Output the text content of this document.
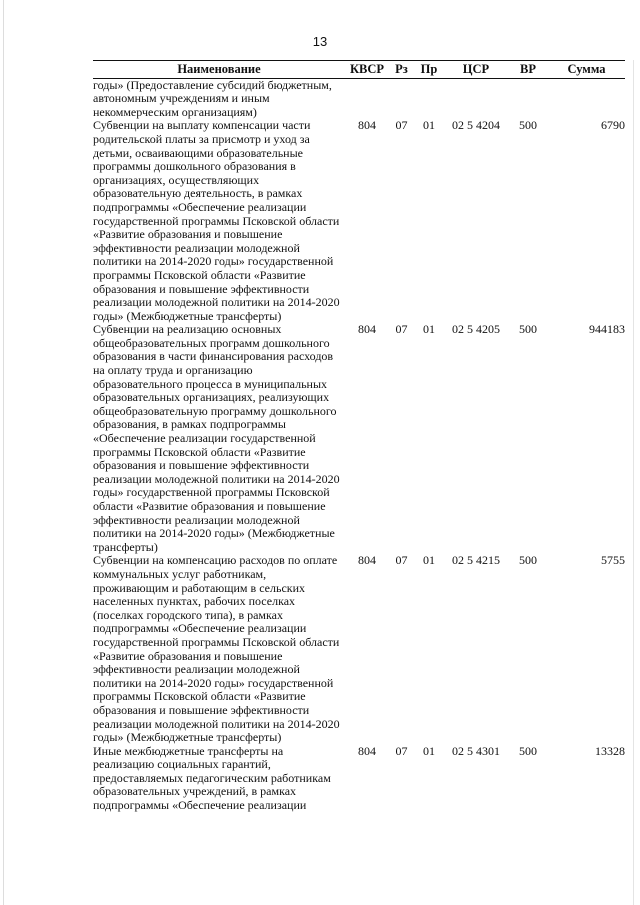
13
Наименование	КВСР	Рз	Пр	ЦСР	ВР	Сумма
годы» (Предоставление субсидий бюджетным, автономным учреждениям и иным некоммерческим организациям)						
Субвенции на выплату компенсации части родительской платы за присмотр и уход за детьми, осваивающими образовательные программы дошкольного образования в организациях, осуществляющих образовательную деятельность, в рамках подпрограммы «Обеспечение реализации государственной программы Псковской области «Развитие образования и повышение эффективности реализации молодежной политики на 2014-2020 годы» государственной программы Псковской области «Развитие образования и повышение эффективности реализации молодежной политики на 2014-2020 годы» (Межбюджетные трансферты)	804	07	01	02 5 4204	500	6790
Субвенции на реализацию основных общеобразовательных программ дошкольного образования в части финансирования расходов на оплату труда и организацию образовательного процесса в муниципальных образовательных организациях, реализующих общеобразовательную программу дошкольного образования, в рамках подпрограммы «Обеспечение реализации государственной программы Псковской области «Развитие образования и повышение эффективности реализации молодежной политики на 2014-2020 годы» государственной программы Псковской области «Развитие образования и повышение эффективности реализации молодежной политики на 2014-2020 годы» (Межбюджетные трансферты)	804	07	01	02 5 4205	500	944183
Субвенции на компенсацию расходов по оплате коммунальных услуг работникам, проживающим и работающим в сельских населенных пунктах, рабочих поселках (поселках городского типа), в рамках подпрограммы «Обеспечение реализации государственной программы Псковской области «Развитие образования и повышение эффективности реализации молодежной политики на 2014-2020 годы» государственной программы Псковской области «Развитие образования и повышение эффективности реализации молодежной политики на 2014-2020 годы» (Межбюджетные трансферты)	804	07	01	02 5 4215	500	5755
Иные межбюджетные трансферты на реализацию социальных гарантий, предоставляемых педагогическим работникам образовательных учреждений, в рамках подпрограммы «Обеспечение реализации	804	07	01	02 5 4301	500	13328
